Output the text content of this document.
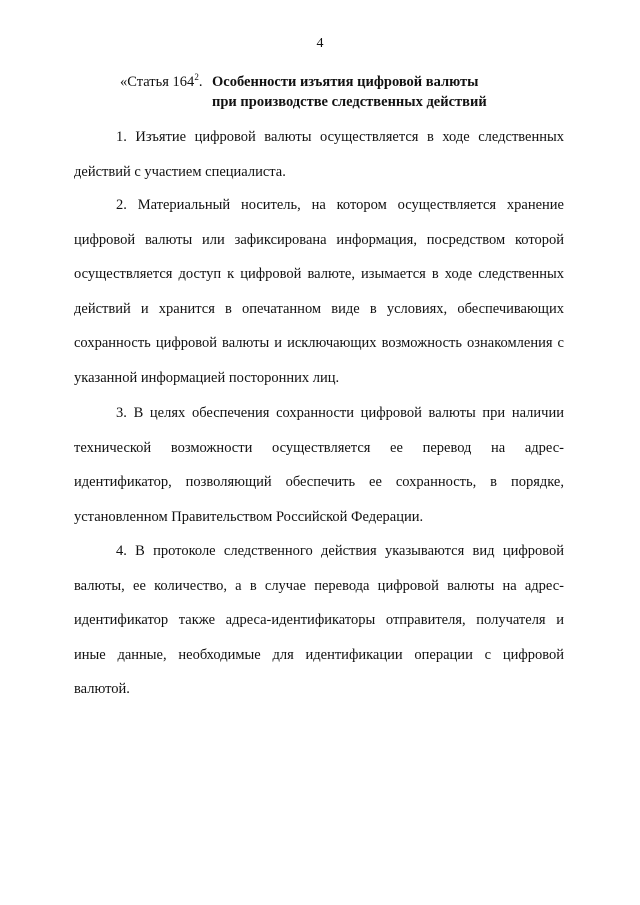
4
«Статья $164^2$. Особенности изъятия цифровой валюты
при производстве следственных действий

1. Изъятие цифровой валюты осуществляется в ходе следственных действий с участием специалиста.

2. Материальный носитель, на котором осуществляется хранение цифровой валюты или зафиксирована информация, посредством которой осуществляется доступ к цифровой валюте, изымается в ходе следственных действий и хранится в опечатанном виде в условиях, обеспечивающих сохранность цифровой валюты и исключающих возможность ознакомления с указанной информацией посторонних лиц.

3. В целях обеспечения сохранности цифровой валюты при наличии технической возможности осуществляется ее перевод на адрес-идентификатор, позволяющий обеспечить ее сохранность, в порядке, установленном Правительством Российской Федерации.

4. В протоколе следственного действия указываются вид цифровой валюты, ее количество, а в случае перевода цифровой валюты на адрес-идентификатор также адреса-идентификаторы отправителя, получателя и иные данные, необходимые для идентификации операции с цифровой валютой.
